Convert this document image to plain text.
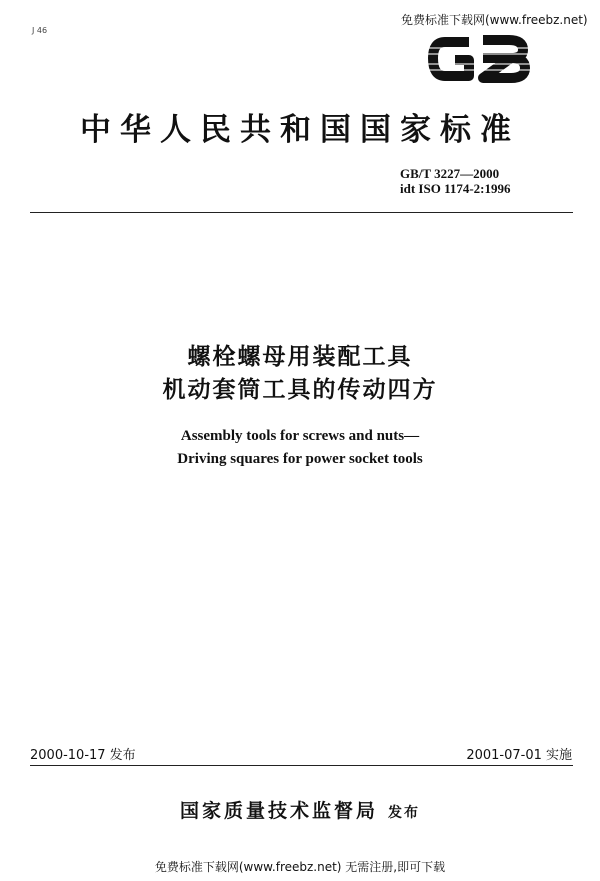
J 46
免费标准下载网(www.freebz.net)
中华人民共和国国家标准
GB/T 3227—2000
idt ISO 1174-2:1996
螺栓螺母用装配工具
机动套筒工具的传动四方
Assembly tools for screws and nuts—
Driving squares for power socket tools
2000-10-17 发布	2001-07-01 实施
国家质量技术监督局 发布
免费标准下载网(www.freebz.net) 无需注册,即可下载
